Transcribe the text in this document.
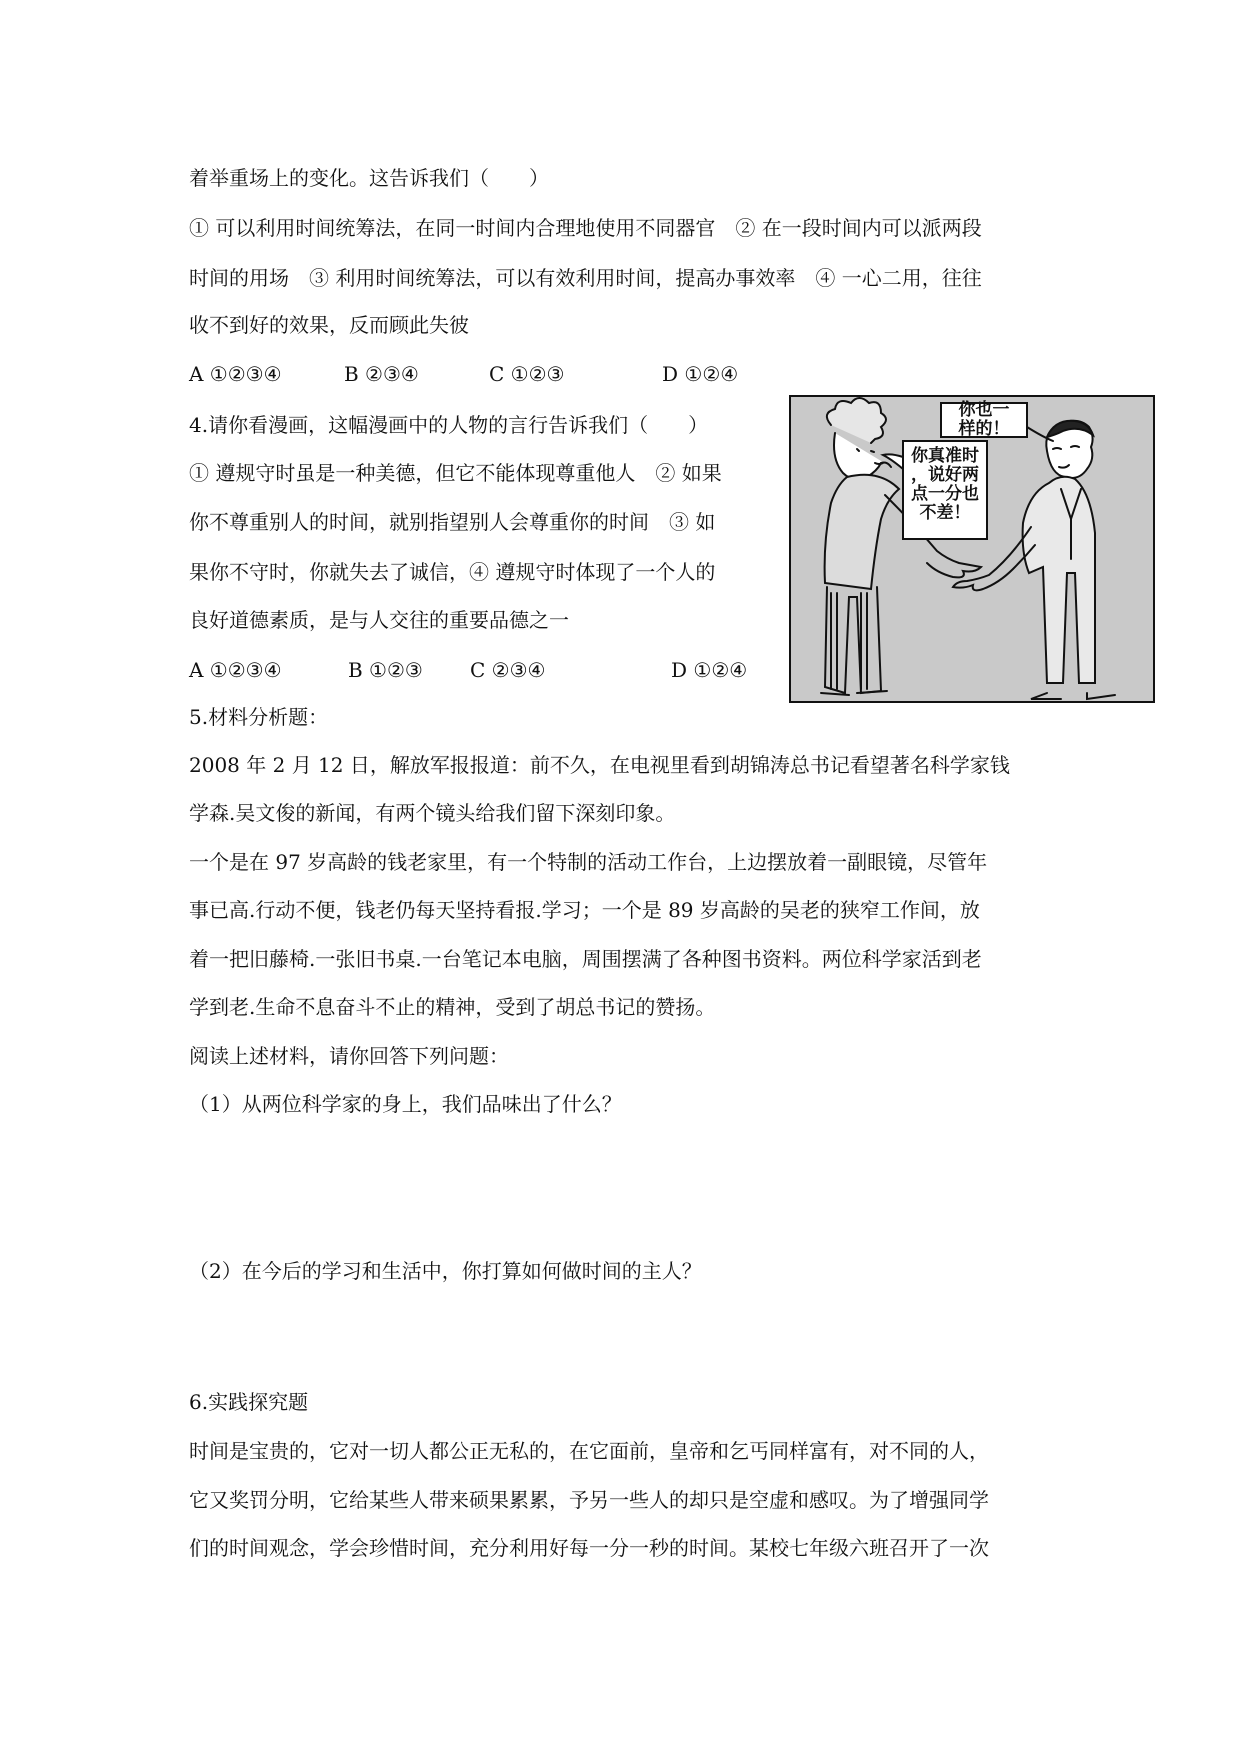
着举重场上的变化。这告诉我们（　　）
① 可以利用时间统筹法，在同一时间内合理地使用不同器官　② 在一段时间内可以派两段
时间的用场　③ 利用时间统筹法，可以有效利用时间，提高办事效率　④ 一心二用，往往
收不到好的效果，反而顾此失彼
A ①②③④	B ②③④	C ①②③	D ①②④
4.请你看漫画，这幅漫画中的人物的言行告诉我们（　　）
① 遵规守时虽是一种美德，但它不能体现尊重他人　② 如果
你不尊重别人的时间，就别指望别人会尊重你的时间　③ 如
果你不守时，你就失去了诚信，④ 遵规守时体现了一个人的
良好道德素质，是与人交往的重要品德之一
A ①②③④	B ①②③ C ②③④	D ①②④
你也一
样的！
你真准时
，说好两
点一分也
不差！
5.材料分析题：
2008 年 2 月 12 日，解放军报报道：前不久，在电视里看到胡锦涛总书记看望著名科学家钱
学森.吴文俊的新闻，有两个镜头给我们留下深刻印象。
一个是在 97 岁高龄的钱老家里，有一个特制的活动工作台，上边摆放着一副眼镜，尽管年
事已高.行动不便，钱老仍每天坚持看报.学习；一个是 89 岁高龄的吴老的狭窄工作间，放
着一把旧藤椅.一张旧书桌.一台笔记本电脑，周围摆满了各种图书资料。两位科学家活到老
学到老.生命不息奋斗不止的精神，受到了胡总书记的赞扬。
阅读上述材料，请你回答下列问题：
（1）从两位科学家的身上，我们品味出了什么？
（2）在今后的学习和生活中，你打算如何做时间的主人？
6.实践探究题
时间是宝贵的，它对一切人都公正无私的，在它面前，皇帝和乞丐同样富有，对不同的人，
它又奖罚分明，它给某些人带来硕果累累，予另一些人的却只是空虚和感叹。为了增强同学
们的时间观念，学会珍惜时间，充分利用好每一分一秒的时间。某校七年级六班召开了一次
